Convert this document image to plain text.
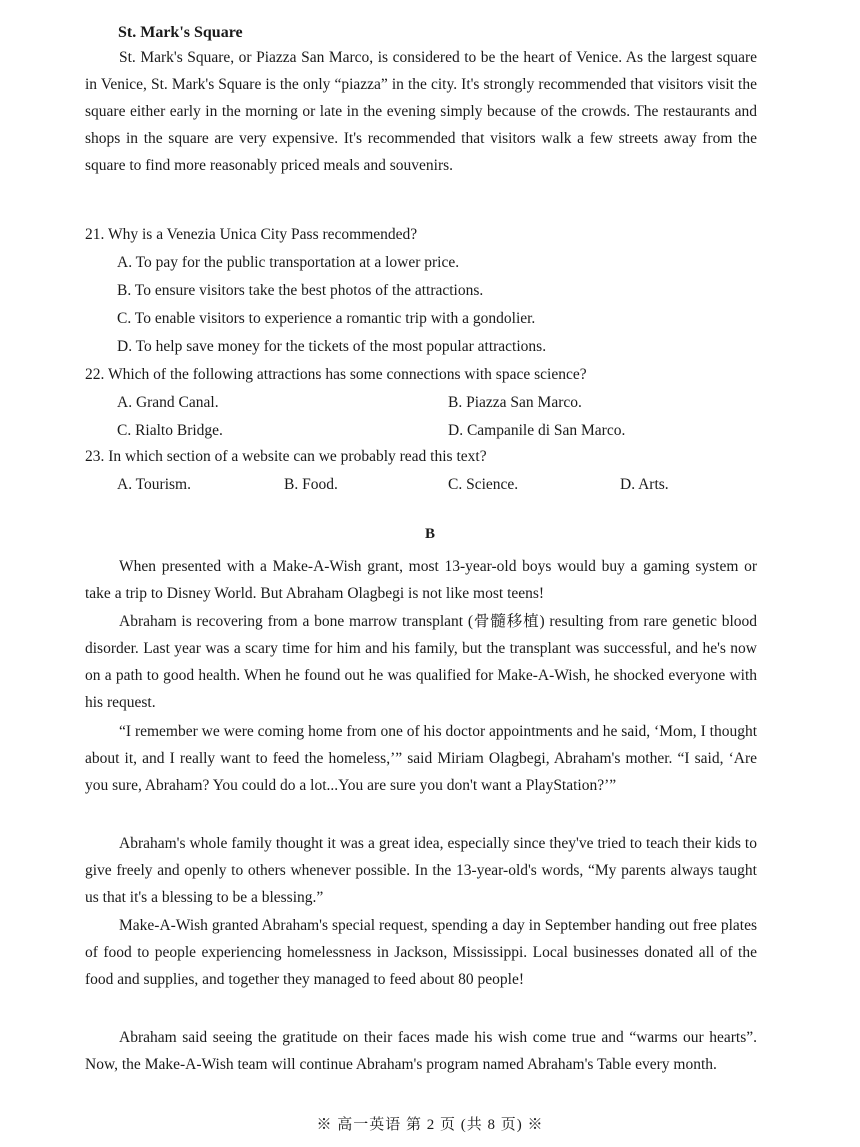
St. Mark's Square
St. Mark's Square, or Piazza San Marco, is considered to be the heart of Venice. As the largest square in Venice, St. Mark's Square is the only “piazza” in the city. It's strongly recommended that visitors visit the square either early in the morning or late in the evening simply because of the crowds. The restaurants and shops in the square are very expensive. It's recommended that visitors walk a few streets away from the square to find more reasonably priced meals and souvenirs.
21. Why is a Venezia Unica City Pass recommended?
A. To pay for the public transportation at a lower price.
B. To ensure visitors take the best photos of the attractions.
C. To enable visitors to experience a romantic trip with a gondolier.
D. To help save money for the tickets of the most popular attractions.
22. Which of the following attractions has some connections with space science?
A. Grand Canal.	B. Piazza San Marco.
C. Rialto Bridge.	D. Campanile di San Marco.
23. In which section of a website can we probably read this text?
A. Tourism.	B. Food.	C. Science.	D. Arts.
B
When presented with a Make-A-Wish grant, most 13-year-old boys would buy a gaming system or take a trip to Disney World. But Abraham Olagbegi is not like most teens!
Abraham is recovering from a bone marrow transplant (骨髓移植) resulting from rare genetic blood disorder. Last year was a scary time for him and his family, but the transplant was successful, and he's now on a path to good health. When he found out he was qualified for Make-A-Wish, he shocked everyone with his request.
“I remember we were coming home from one of his doctor appointments and he said, ‘Mom, I thought about it, and I really want to feed the homeless,’” said Miriam Olagbegi, Abraham's mother. “I said, ‘Are you sure, Abraham? You could do a lot...You are sure you don't want a PlayStation?’”
Abraham's whole family thought it was a great idea, especially since they've tried to teach their kids to give freely and openly to others whenever possible. In the 13-year-old's words, “My parents always taught us that it's a blessing to be a blessing.”
Make-A-Wish granted Abraham's special request, spending a day in September handing out free plates of food to people experiencing homelessness in Jackson, Mississippi. Local businesses donated all of the food and supplies, and together they managed to feed about 80 people!
Abraham said seeing the gratitude on their faces made his wish come true and “warms our hearts”. Now, the Make-A-Wish team will continue Abraham's program named Abraham's Table every month.
※ 高一英语 第 2 页 (共 8 页) ※
